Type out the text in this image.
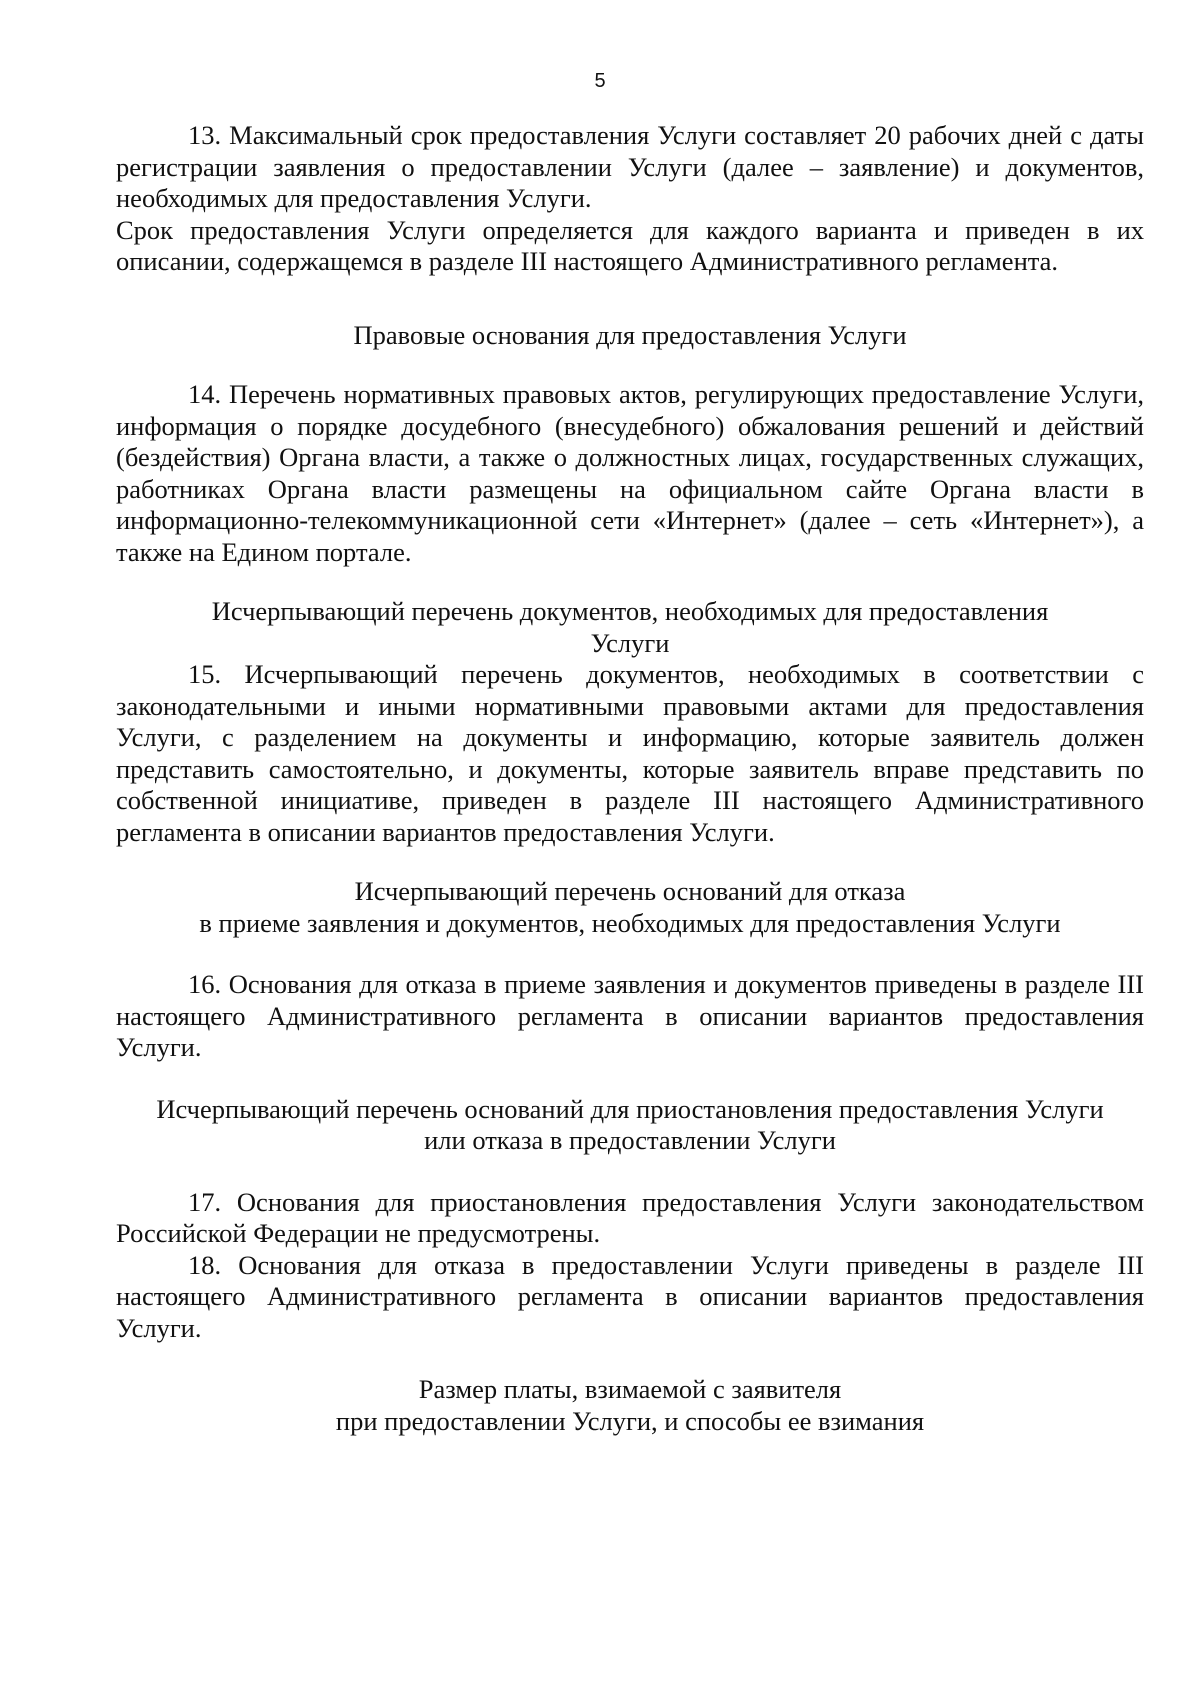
5

13. Максимальный срок предоставления Услуги составляет 20 рабочих дней с даты регистрации заявления о предоставлении Услуги (далее – заявление) и документов, необходимых для предоставления Услуги.

Срок предоставления Услуги определяется для каждого варианта и приведен в их описании, содержащемся в разделе III настоящего Административного регламента.

Правовые основания для предоставления Услуги

14. Перечень нормативных правовых актов, регулирующих предоставление Услуги, информация о порядке досудебного (внесудебного) обжалования решений и действий (бездействия) Органа власти, а также о должностных лицах, государственных служащих, работниках Органа власти размещены на официальном сайте Органа власти в информационно-телекоммуникационной сети «Интернет» (далее – сеть «Интернет»), а также на Едином портале.

Исчерпывающий перечень документов, необходимых для предоставления
Услуги

15. Исчерпывающий перечень документов, необходимых в соответствии с законодательными и иными нормативными правовыми актами для предоставления Услуги, с разделением на документы и информацию, которые заявитель должен представить самостоятельно, и документы, которые заявитель вправе представить по собственной инициативе, приведен в разделе III настоящего Административного регламента в описании вариантов предоставления Услуги.

Исчерпывающий перечень оснований для отказа
в приеме заявления и документов, необходимых для предоставления Услуги

16. Основания для отказа в приеме заявления и документов приведены в разделе III настоящего Административного регламента в описании вариантов предоставления Услуги.

Исчерпывающий перечень оснований для приостановления предоставления Услуги
или отказа в предоставлении Услуги

17. Основания для приостановления предоставления Услуги законодательством Российской Федерации не предусмотрены.

18. Основания для отказа в предоставлении Услуги приведены в разделе III настоящего Административного регламента в описании вариантов предоставления Услуги.

Размер платы, взимаемой с заявителя
при предоставлении Услуги, и способы ее взимания
